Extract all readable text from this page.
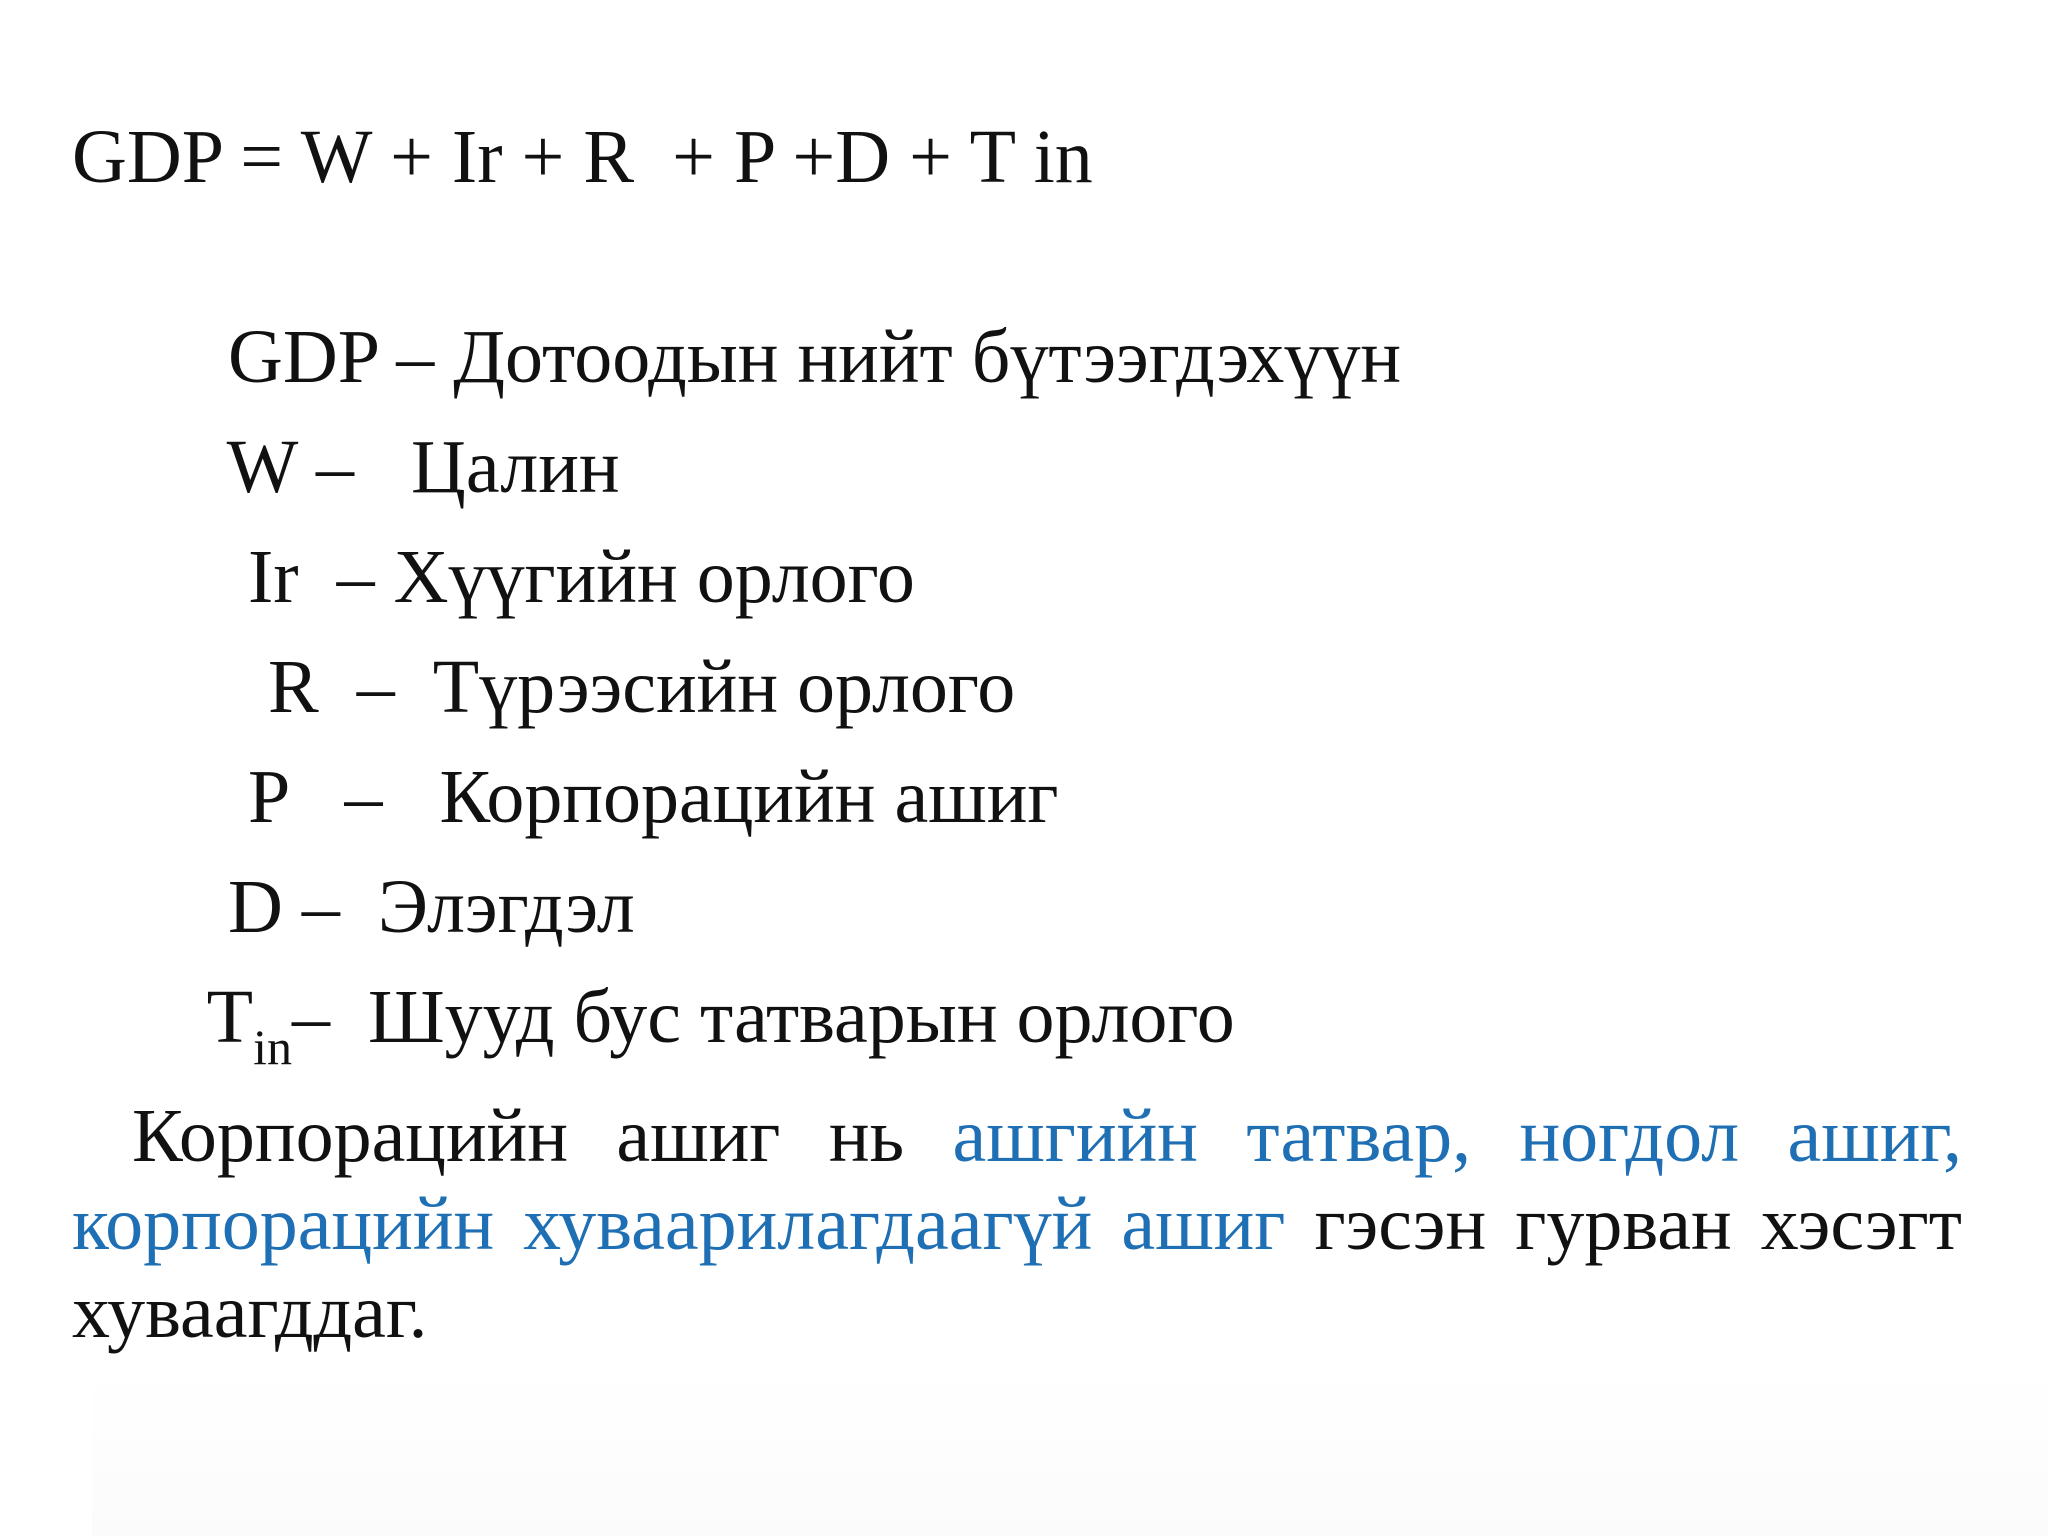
GDP = W + Ir + R  + P +D + T in

GDP – Дотоодын нийт бүтээгдэхүүн

W –   Цалин

Ir  – Хүүгийн орлого

R  –  Түрээсийн орлого

P   –   Корпорацийн ашиг

D –  Элэгдэл

$T_{in}-$  Шууд бус татварын орлого

Корпорацийн ашиг нь ашгийн татвар, ногдол ашиг, корпорацийн хуваарилагдаагүй ашиг гэсэн гурван хэсэгт хуваагддаг.
